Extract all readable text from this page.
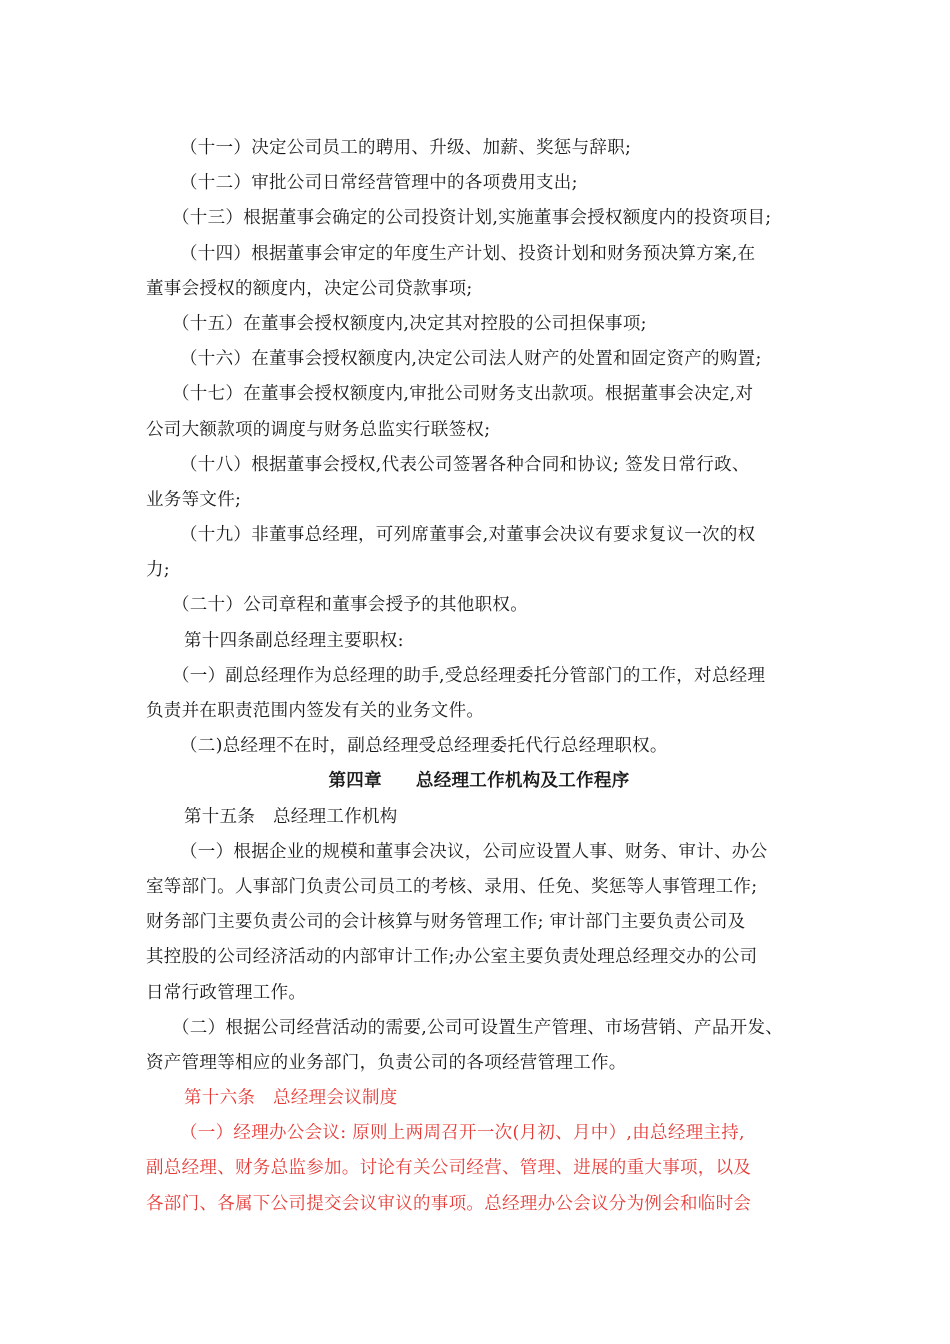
（十一）决定公司员工的聘用、升级、加薪、奖惩与辞职;
（十二）审批公司日常经营管理中的各项费用支出;
（十三）根据董事会确定的公司投资计划,实施董事会授权额度内的投资项目;
（十四）根据董事会审定的年度生产计划、投资计划和财务预决算方案,在
董事会授权的额度内，决定公司贷款事项;
（十五）在董事会授权额度内,决定其对控股的公司担保事项;
（十六）在董事会授权额度内,决定公司法人财产的处置和固定资产的购置;
（十七）在董事会授权额度内,审批公司财务支出款项。根据董事会决定,对
公司大额款项的调度与财务总监实行联签权;
（十八）根据董事会授权,代表公司签署各种合同和协议; 签发日常行政、
业务等文件;
（十九）非董事总经理，可列席董事会,对董事会决议有要求复议一次的权
力;
（二十）公司章程和董事会授予的其他职权。
第十四条副总经理主要职权:
（一）副总经理作为总经理的助手,受总经理委托分管部门的工作，对总经理
负责并在职责范围内签发有关的业务文件。
（二)总经理不在时，副总经理受总经理委托代行总经理职权。
第四章 总经理工作机构及工作程序
第十五条　总经理工作机构
（一）根据企业的规模和董事会决议，公司应设置人事、财务、审计、办公
室等部门。人事部门负责公司员工的考核、录用、任免、奖惩等人事管理工作;
财务部门主要负责公司的会计核算与财务管理工作; 审计部门主要负责公司及
其控股的公司经济活动的内部审计工作;办公室主要负责处理总经理交办的公司
日常行政管理工作。
（二）根据公司经营活动的需要,公司可设置生产管理、市场营销、产品开发、
资产管理等相应的业务部门，负责公司的各项经营管理工作。
第十六条　总经理会议制度
（一）经理办公会议: 原则上两周召开一次(月初、月中）,由总经理主持,
副总经理、财务总监参加。讨论有关公司经营、管理、进展的重大事项，以及
各部门、各属下公司提交会议审议的事项。总经理办公会议分为例会和临时会
